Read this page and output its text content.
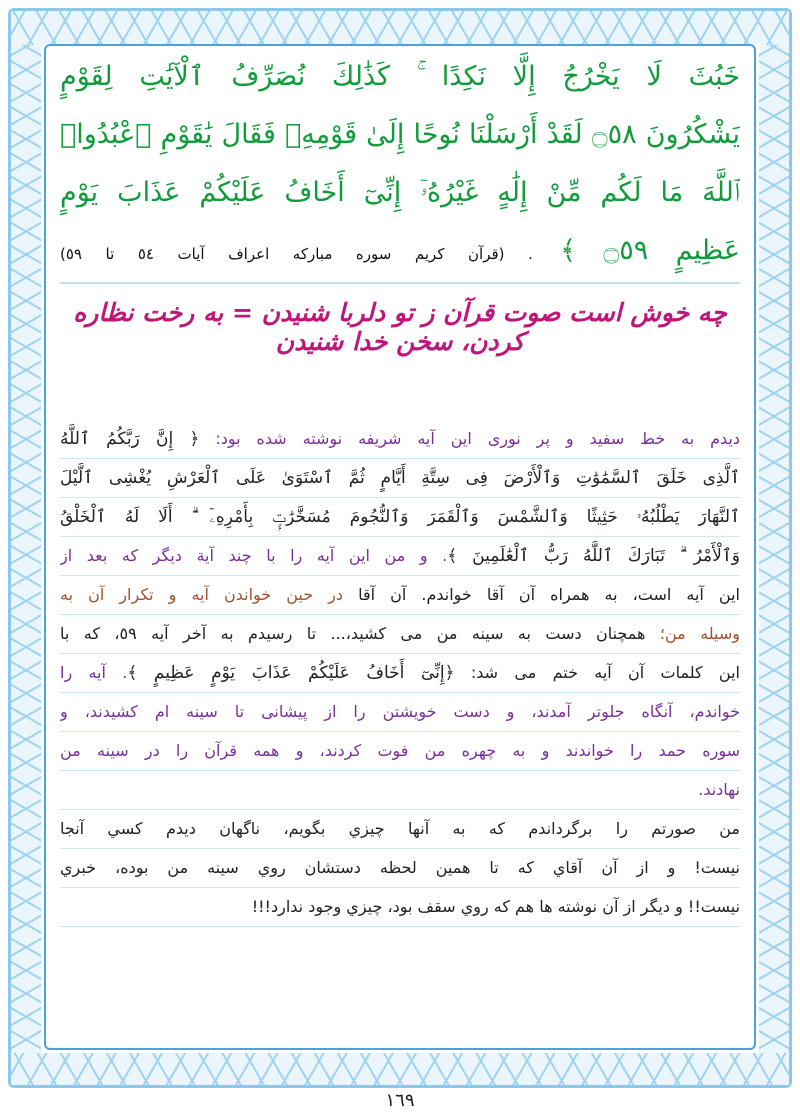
خَبُثَ لَا يَخْرُجُ إِلَّا نَكِدًا ۚ كَذَٰلِكَ نُصَرِّفُ ٱلْآيَٰتِ لِقَوْمٍ
يَشْكُرُونَ ۝٥٨ لَقَدْ أَرْسَلْنَا نُوحًا إِلَىٰ قَوْمِهِۦ فَقَالَ يَٰقَوْمِ ٱعْبُدُوا۟
ٱللَّهَ مَا لَكُم مِّنْ إِلَٰهٍ غَيْرُهُۥٓ إِنِّىٓ أَخَافُ عَلَيْكُمْ عَذَابَ يَوْمٍ
عَظِيمٍ ۝٥٩ ﴾ . (قرآن کریم سوره مبارکه اعراف آیات ٥٤ تا ٥٩)

چه خوش است صوت قرآن ز تو دلربا شنیدن = به رخت نظاره کردن، سخن خدا شنیدن

دیدم به خط سفید و پر نوری این آیه شریفه نوشته شده بود: ﴿ إِنَّ رَبَّكُمُ ٱللَّهُ
ٱلَّذِى خَلَقَ ٱلسَّمَٰوَٰتِ وَٱلْأَرْضَ فِى سِتَّةِ أَيَّامٍ ثُمَّ ٱسْتَوَىٰ عَلَى ٱلْعَرْشِ يُغْشِى ٱلَّيْلَ
ٱلنَّهَارَ يَطْلُبُهُۥ حَثِيثًا وَٱلشَّمْسَ وَٱلْقَمَرَ وَٱلنُّجُومَ مُسَخَّرَٰتٍۭ بِأَمْرِهِۦٓ ۗ أَلَا لَهُ ٱلْخَلْقُ
وَٱلْأَمْرُ ۗ تَبَارَكَ ٱللَّهُ رَبُّ ٱلْعَٰلَمِينَ ﴾. و من این آیه را با چند آیة دیگر که بعد از
این آیه است، به همراه آن آقا خواندم. آن آقا در حین خواندن آیه و تکرار آن به
وسیله من؛ همچنان دست به سینه من می کشید،... تا رسیدم به آخر آیه ٥٩، که با
این کلمات آن آیه ختم می شد: ﴿إِنِّىٓ أَخَافُ عَلَيْكُمْ عَذَابَ يَوْمٍ عَظِيمٍ ﴾. آیه را
خواندم، آنگاه جلوتر آمدند، و دست خویشتن را از پیشانی تا سینه ام کشیدند، و
سوره حمد را خواندند و به چهره من فوت کردند، و همه قرآن را در سینه من
نهادند.
من صورتم را برگرداندم که به آنها چیزي بگویم، ناگهان دیدم کسي آنجا
نیست! و از آن آقاي که تا همین لحظه دستشان روي سینه من بوده، خبري
نیست!! و دیگر از آن نوشته ها هم که روي سقف بود، چیزي وجود ندارد!!!
١٦٩
